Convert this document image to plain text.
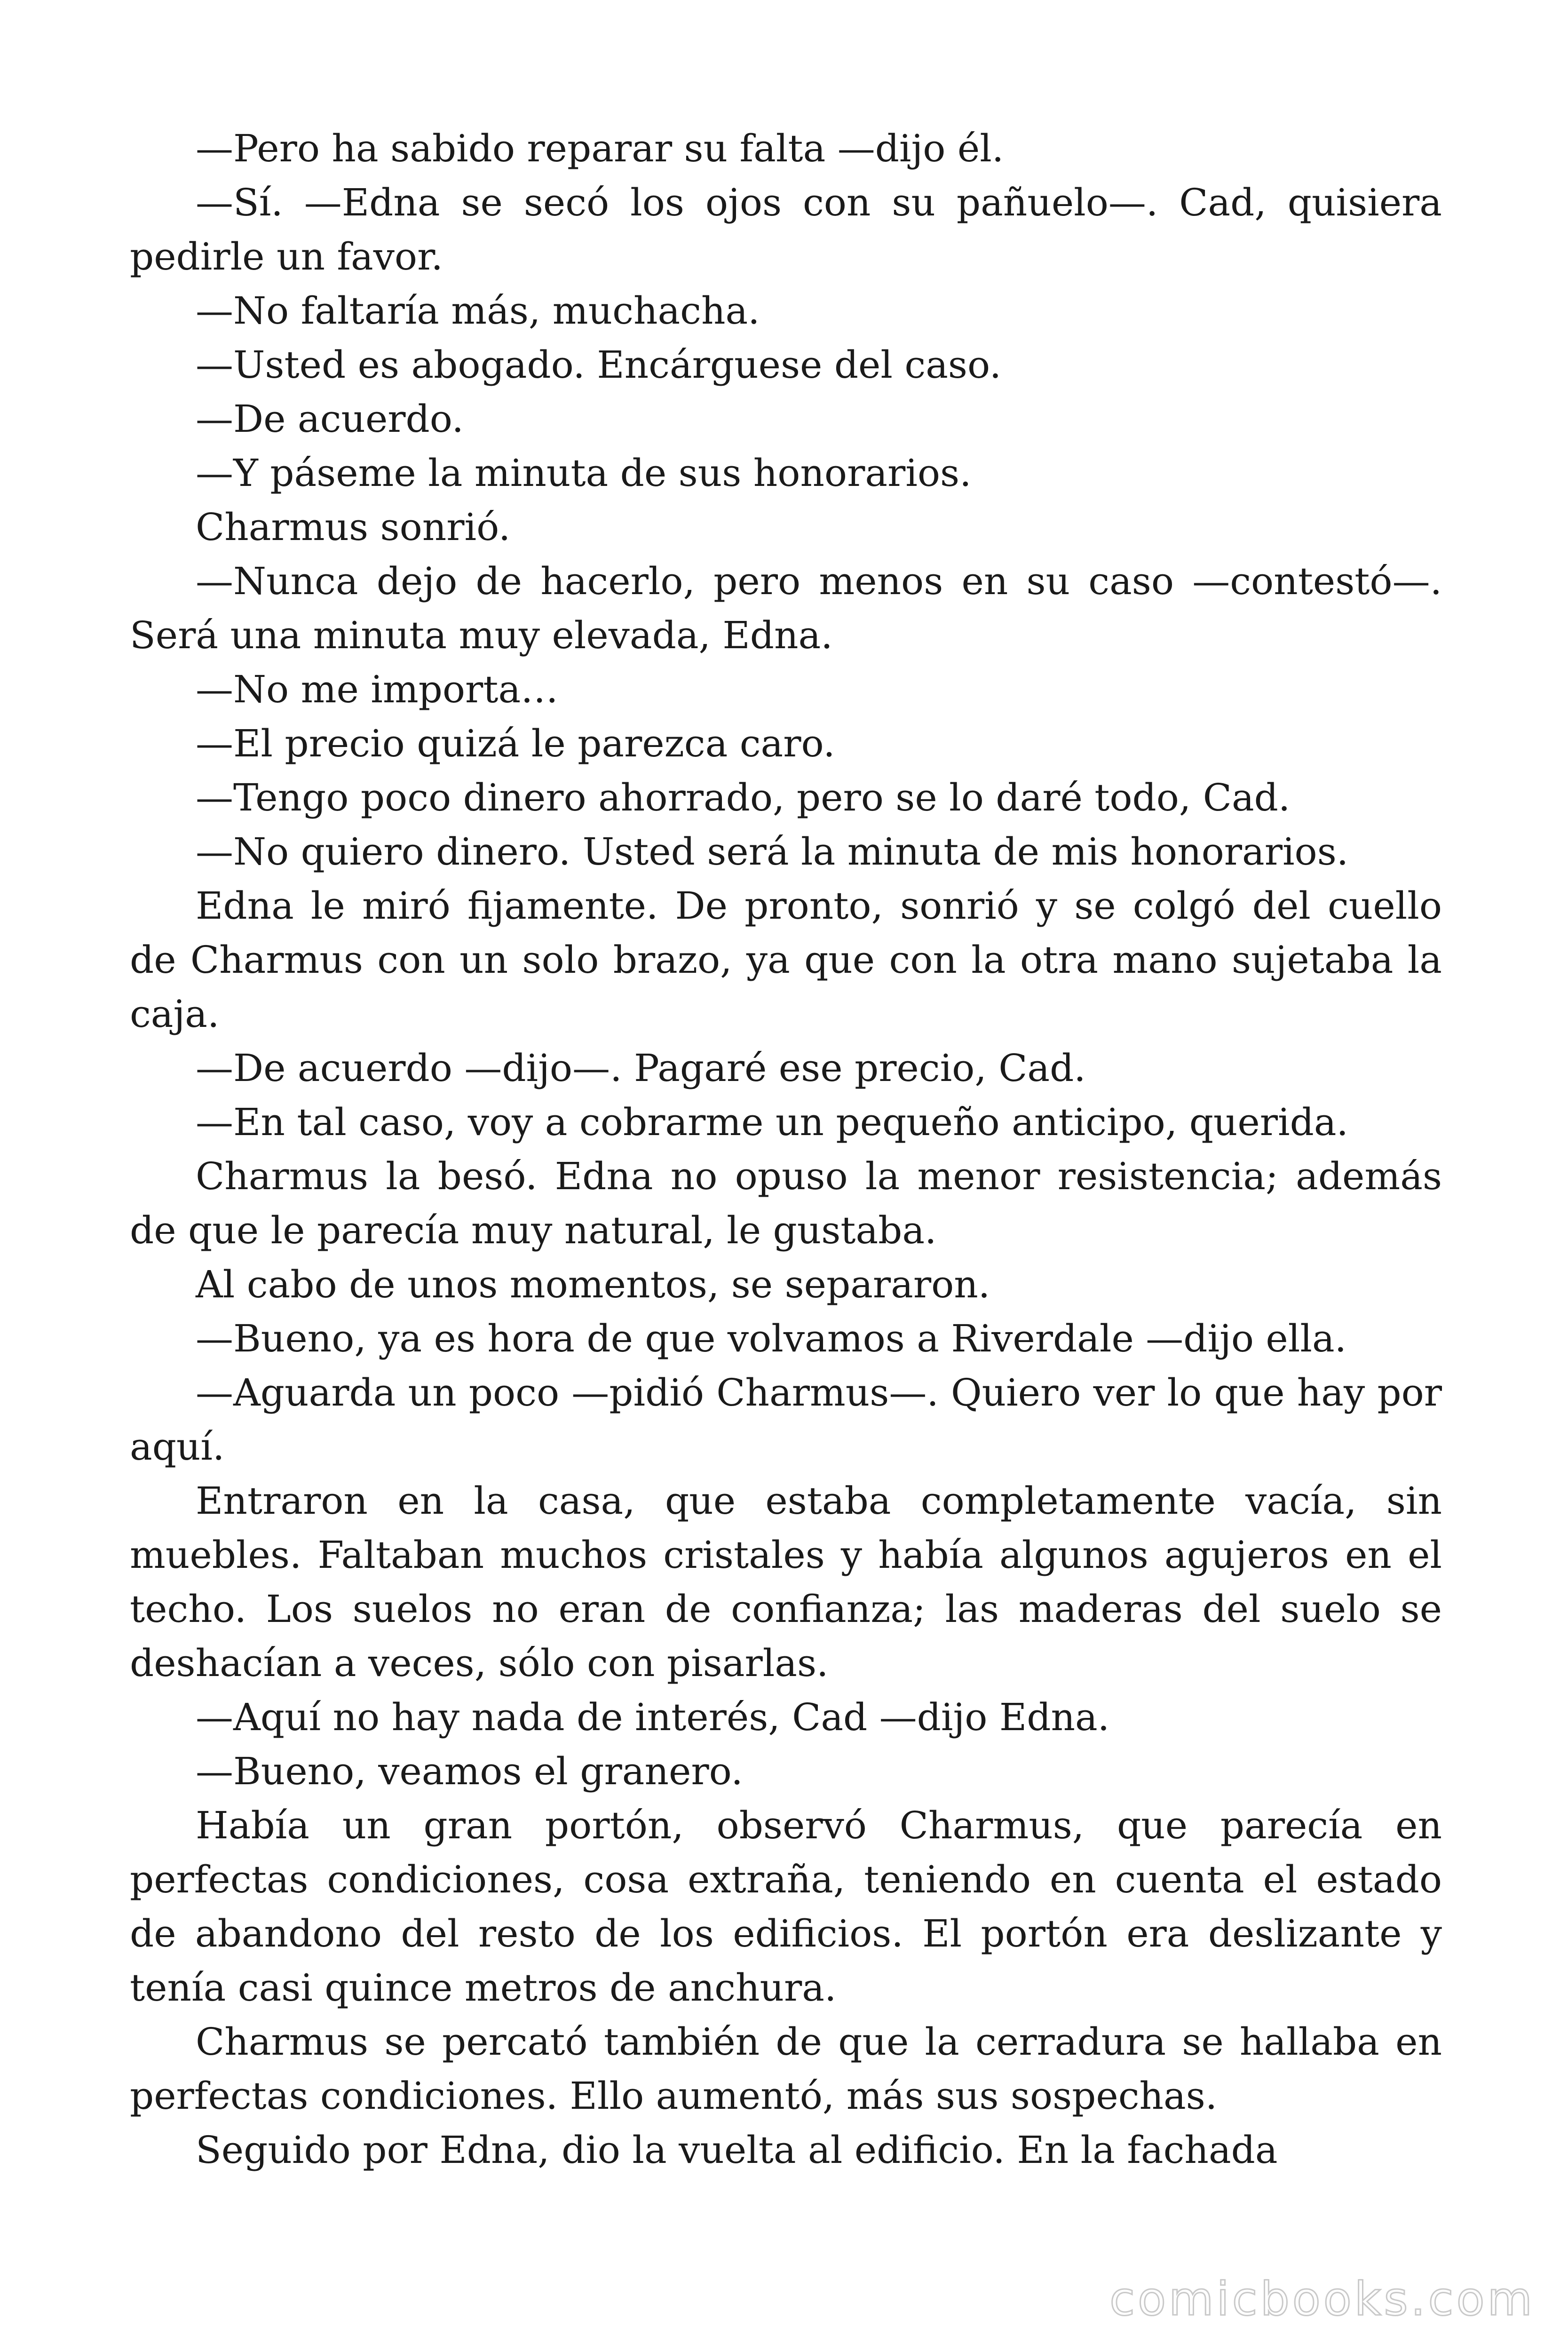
—Pero ha sabido reparar su falta —dijo él.

—Sí. —Edna se secó los ojos con su pañuelo—. Cad, quisiera pedirle un favor.

—No faltaría más, muchacha.

—Usted es abogado. Encárguese del caso.

—De acuerdo.

—Y páseme la minuta de sus honorarios.

Charmus sonrió.

—Nunca dejo de hacerlo, pero menos en su caso —contestó—. Será una minuta muy elevada, Edna.

—No me importa…

—El precio quizá le parezca caro.

—Tengo poco dinero ahorrado, pero se lo daré todo, Cad.

—No quiero dinero. Usted será la minuta de mis honorarios.

Edna le miró fijamente. De pronto, sonrió y se colgó del cuello de Charmus con un solo brazo, ya que con la otra mano sujetaba la caja.

—De acuerdo —dijo—. Pagaré ese precio, Cad.

—En tal caso, voy a cobrarme un pequeño anticipo, querida.

Charmus la besó. Edna no opuso la menor resistencia; además de que le parecía muy natural, le gustaba.

Al cabo de unos momentos, se separaron.

—Bueno, ya es hora de que volvamos a Riverdale —dijo ella.

—Aguarda un poco —pidió Charmus—. Quiero ver lo que hay por aquí.

Entraron en la casa, que estaba completamente vacía, sin muebles. Faltaban muchos cristales y había algunos agujeros en el techo. Los suelos no eran de confianza; las maderas del suelo se deshacían a veces, sólo con pisarlas.

—Aquí no hay nada de interés, Cad —dijo Edna.

—Bueno, veamos el granero.

Había un gran portón, observó Charmus, que parecía en perfectas condiciones, cosa extraña, teniendo en cuenta el estado de abandono del resto de los edificios. El portón era deslizante y tenía casi quince metros de anchura.

Charmus se percató también de que la cerradura se hallaba en perfectas condiciones. Ello aumentó, más sus sospechas.

Seguido por Edna, dio la vuelta al edificio. En la fachada

comicbooks.com
